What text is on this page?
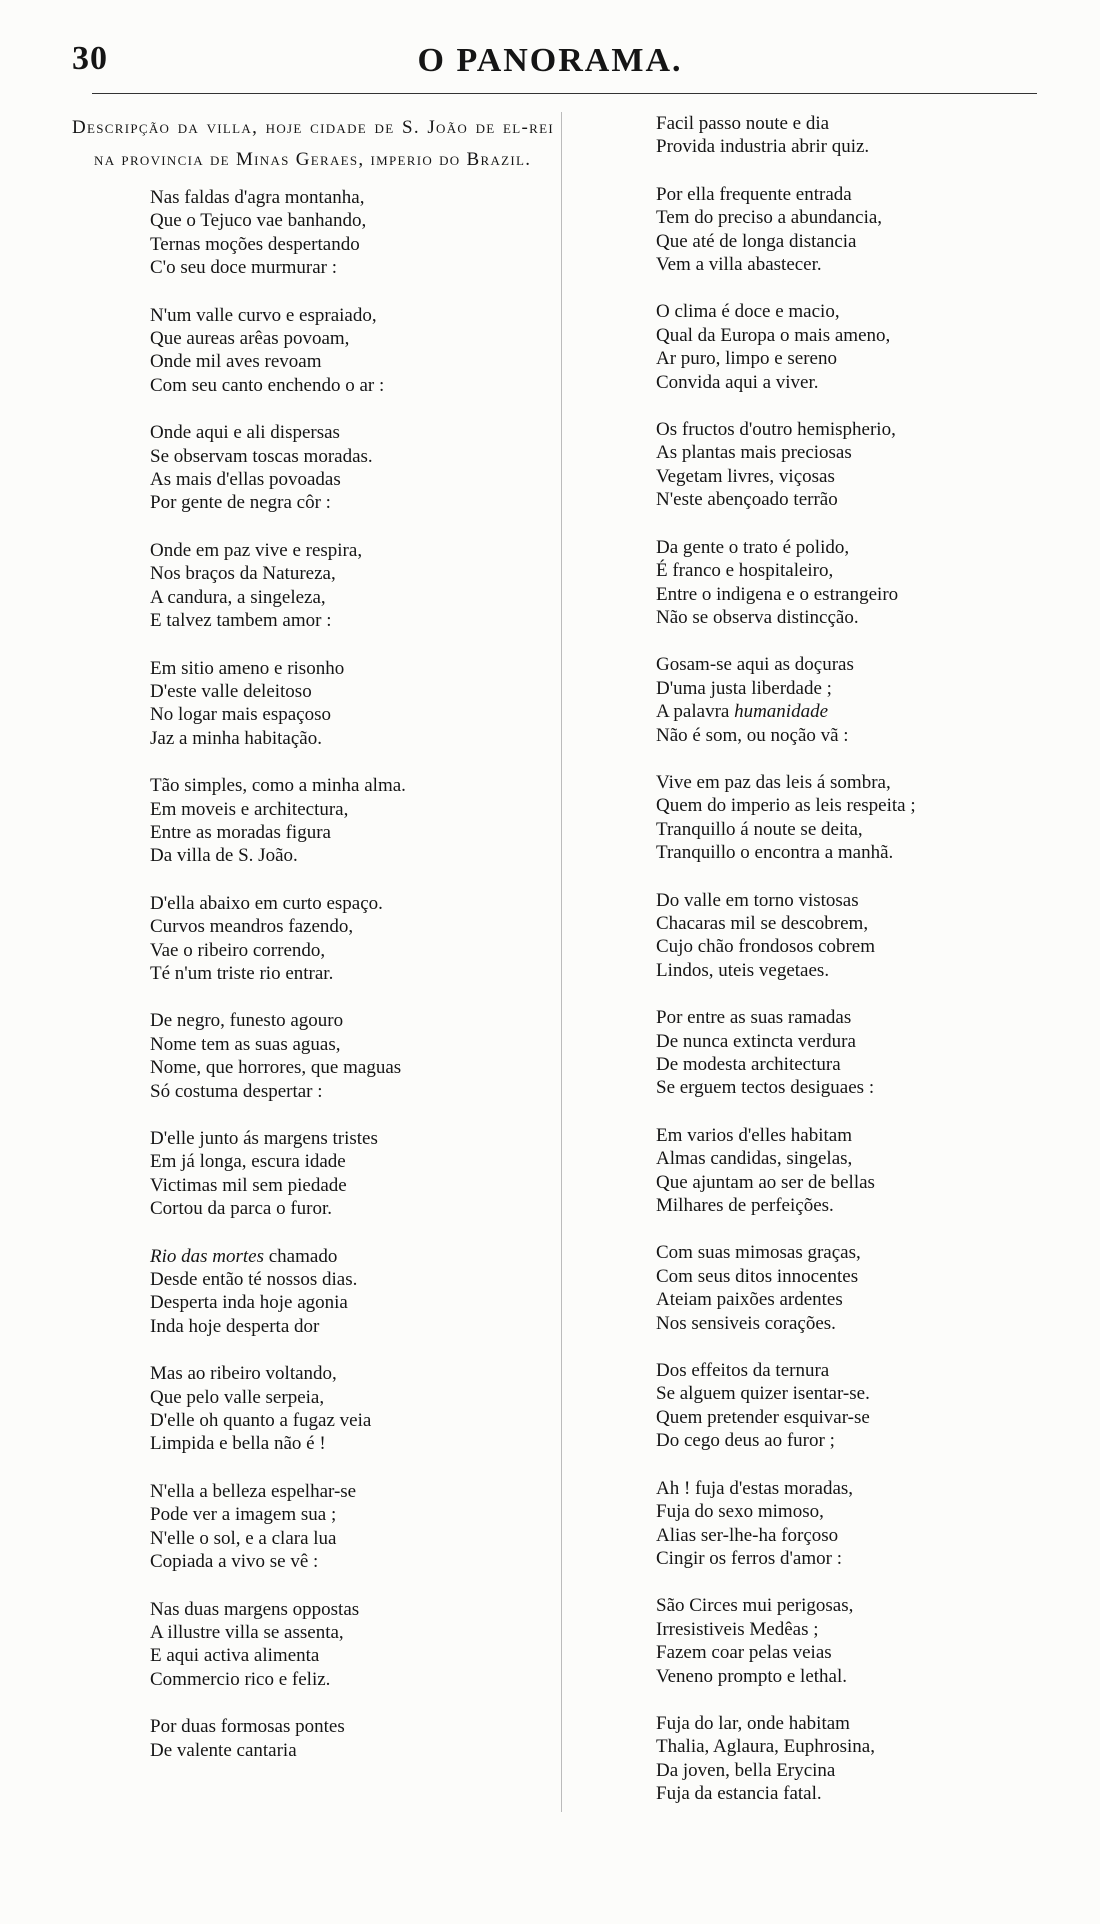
30	O PANORAMA.

Descripção da villa, hoje cidade de S. João de el-rei na provincia de Minas Geraes, imperio do Brazil.

Nas faldas d'agra montanha,
Que o Tejuco vae banhando,
Ternas moções despertando
C'o seu doce murmurar :
N'um valle curvo e espraiado,
Que aureas arêas povoam,
Onde mil aves revoam
Com seu canto enchendo o ar :
Onde aqui e ali dispersas
Se observam toscas moradas.
As mais d'ellas povoadas
Por gente de negra côr :
Onde em paz vive e respira,
Nos braços da Natureza,
A candura, a singeleza,
E talvez tambem amor :
Em sitio ameno e risonho
D'este valle deleitoso
No logar mais espaçoso
Jaz a minha habitação.
Tão simples, como a minha alma.
Em moveis e architectura,
Entre as moradas figura
Da villa de S. João.
D'ella abaixo em curto espaço.
Curvos meandros fazendo,
Vae o ribeiro correndo,
Té n'um triste rio entrar.
De negro, funesto agouro
Nome tem as suas aguas,
Nome, que horrores, que maguas
Só costuma despertar :
D'elle junto ás margens tristes
Em já longa, escura idade
Victimas mil sem piedade
Cortou da parca o furor.
Rio das mortes chamado
Desde então té nossos dias.
Desperta inda hoje agonia
Inda hoje desperta dor
Mas ao ribeiro voltando,
Que pelo valle serpeia,
D'elle oh quanto a fugaz veia
Limpida e bella não é !
N'ella a belleza espelhar-se
Pode ver a imagem sua ;
N'elle o sol, e a clara lua
Copiada a vivo se vê :
Nas duas margens oppostas
A illustre villa se assenta,
E aqui activa alimenta
Commercio rico e feliz.
Por duas formosas pontes
De valente cantaria
Facil passo noute e dia
Provida industria abrir quiz.
Por ella frequente entrada
Tem do preciso a abundancia,
Que até de longa distancia
Vem a villa abastecer.
O clima é doce e macio,
Qual da Europa o mais ameno,
Ar puro, limpo e sereno
Convida aqui a viver.
Os fructos d'outro hemispherio,
As plantas mais preciosas
Vegetam livres, viçosas
N'este abençoado terrão
Da gente o trato é polido,
É franco e hospitaleiro,
Entre o indigena e o estrangeiro
Não se observa distincção.
Gosam-se aqui as doçuras
D'uma justa liberdade ;
A palavra humanidade
Não é som, ou noção vã :
Vive em paz das leis á sombra,
Quem do imperio as leis respeita ;
Tranquillo á noute se deita,
Tranquillo o encontra a manhã.
Do valle em torno vistosas
Chacaras mil se descobrem,
Cujo chão frondosos cobrem
Lindos, uteis vegetaes.
Por entre as suas ramadas
De nunca extincta verdura
De modesta architectura
Se erguem tectos desiguaes :
Em varios d'elles habitam
Almas candidas, singelas,
Que ajuntam ao ser de bellas
Milhares de perfeições.
Com suas mimosas graças,
Com seus ditos innocentes
Ateiam paixões ardentes
Nos sensiveis corações.
Dos effeitos da ternura
Se alguem quizer isentar-se.
Quem pretender esquivar-se
Do cego deus ao furor ;
Ah ! fuja d'estas moradas,
Fuja do sexo mimoso,
Alias ser-lhe-ha forçoso
Cingir os ferros d'amor :
São Circes mui perigosas,
Irresistiveis Medêas ;
Fazem coar pelas veias
Veneno prompto e lethal.
Fuja do lar, onde habitam
Thalia, Aglaura, Euphrosina,
Da joven, bella Erycina
Fuja da estancia fatal.
